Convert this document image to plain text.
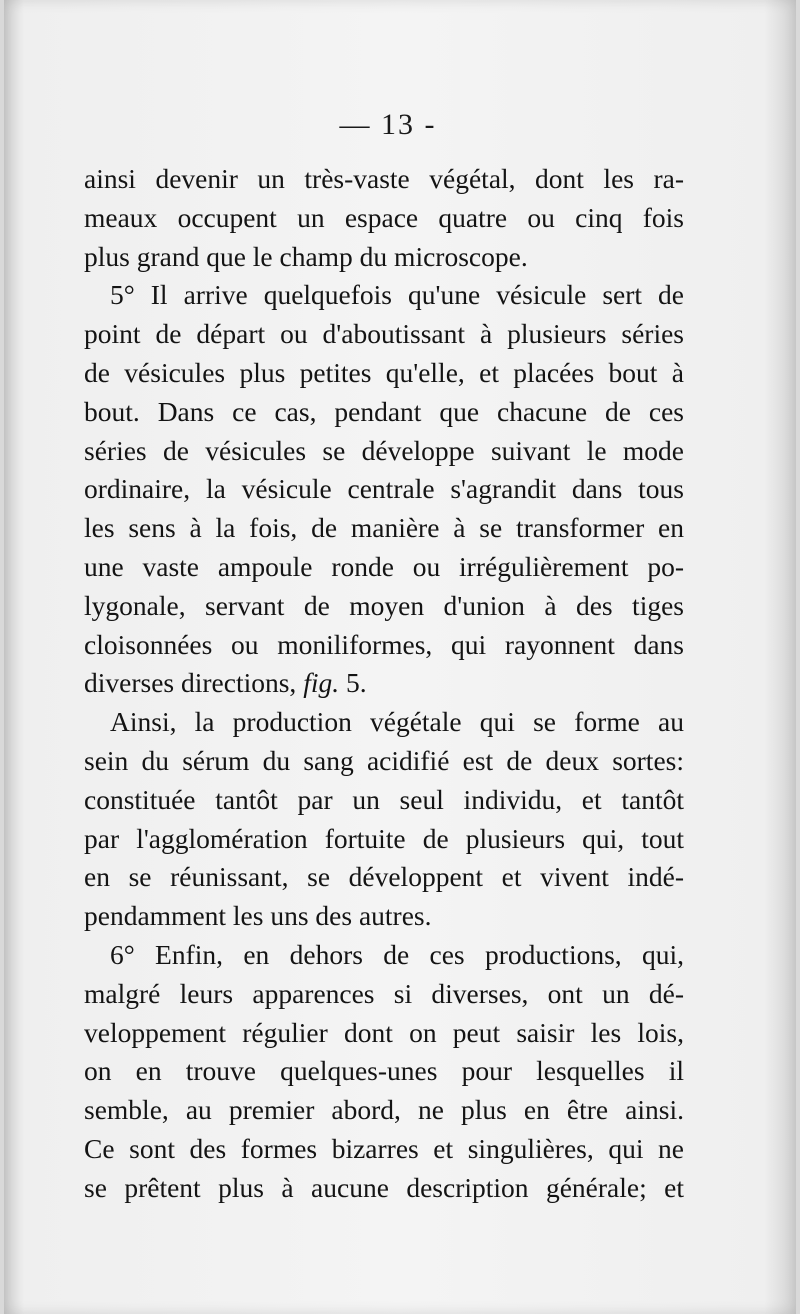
— 13 -
ainsi devenir un très-vaste végétal, dont les ra-
meaux occupent un espace quatre ou cinq fois
plus grand que le champ du microscope.
5° Il arrive quelquefois qu'une vésicule sert de
point de départ ou d'aboutissant à plusieurs séries
de vésicules plus petites qu'elle, et placées bout à
bout. Dans ce cas, pendant que chacune de ces
séries de vésicules se développe suivant le mode
ordinaire, la vésicule centrale s'agrandit dans tous
les sens à la fois, de manière à se transformer en
une vaste ampoule ronde ou irrégulièrement po-
lygonale, servant de moyen d'union à des tiges
cloisonnées ou moniliformes, qui rayonnent dans
diverses directions, fig. 5.
Ainsi, la production végétale qui se forme au
sein du sérum du sang acidifié est de deux sortes:
constituée tantôt par un seul individu, et tantôt
par l'agglomération fortuite de plusieurs qui, tout
en se réunissant, se développent et vivent indé-
pendamment les uns des autres.
6° Enfin, en dehors de ces productions, qui,
malgré leurs apparences si diverses, ont un dé-
veloppement régulier dont on peut saisir les lois,
on en trouve quelques-unes pour lesquelles il
semble, au premier abord, ne plus en être ainsi.
Ce sont des formes bizarres et singulières, qui ne
se prêtent plus à aucune description générale; et
